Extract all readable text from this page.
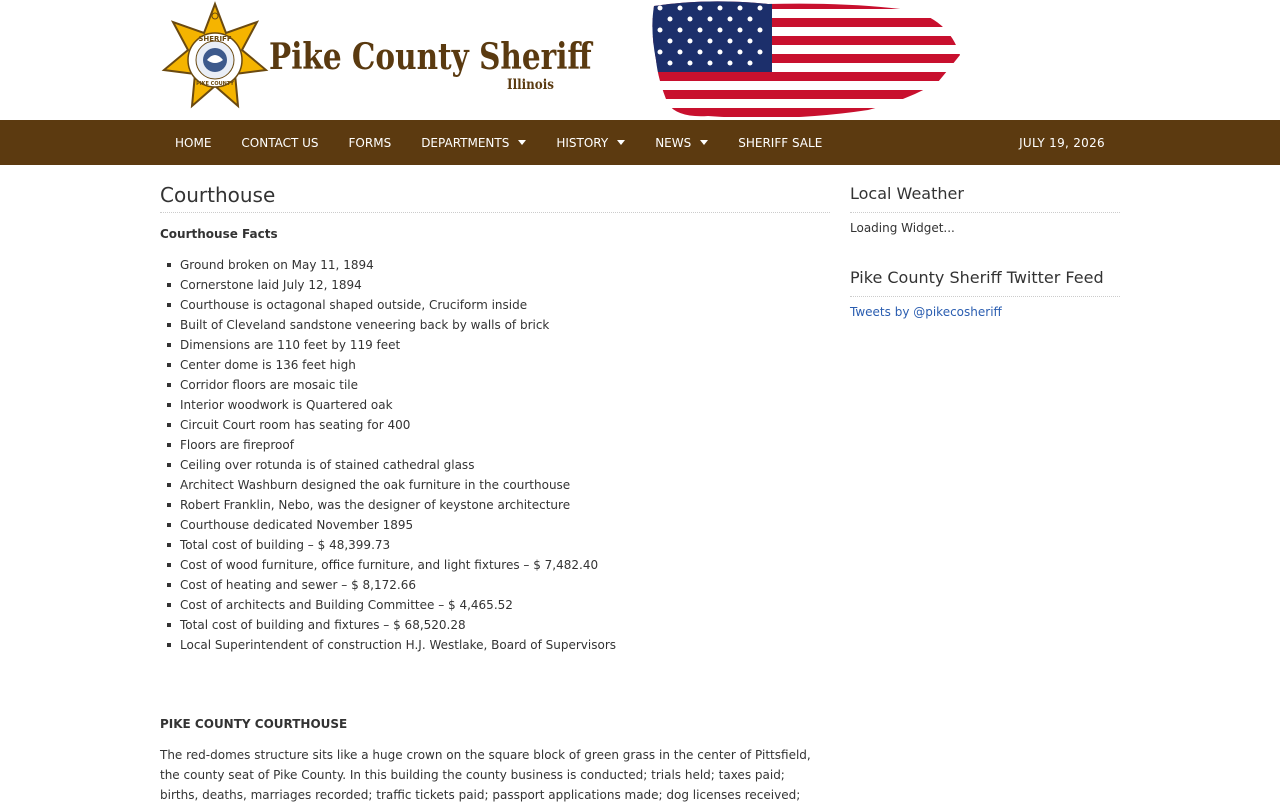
SHERIFF
PIKE COUNTY
Pike County Sheriff
Illinois
HOME	CONTACT US	FORMS	DEPARTMENTS	HISTORY	NEWS	SHERIFF SALE	JULY 19, 2026
Courthouse
Courthouse Facts
Ground broken on May 11, 1894
Cornerstone laid July 12, 1894
Courthouse is octagonal shaped outside, Cruciform inside
Built of Cleveland sandstone veneering back by walls of brick
Dimensions are 110 feet by 119 feet
Center dome is 136 feet high
Corridor floors are mosaic tile
Interior woodwork is Quartered oak
Circuit Court room has seating for 400
Floors are fireproof
Ceiling over rotunda is of stained cathedral glass
Architect Washburn designed the oak furniture in the courthouse
Robert Franklin, Nebo, was the designer of keystone architecture
Courthouse dedicated November 1895
Total cost of building – $ 48,399.73
Cost of wood furniture, office furniture, and light fixtures – $ 7,482.40
Cost of heating and sewer – $ 8,172.66
Cost of architects and Building Committee – $ 4,465.52
Total cost of building and fixtures – $ 68,520.28
Local Superintendent of construction H.J. Westlake, Board of Supervisors
PIKE COUNTY COURTHOUSE

The red-domes structure sits like a huge crown on the square block of green grass in the center of Pittsfield, the county seat of Pike County. In this building the county business is conducted; trials held; taxes paid; births, deaths, marriages recorded; traffic tickets paid; passport applications made; dog licenses received;

Local Weather
Loading Widget...
Pike County Sheriff Twitter Feed
Tweets by @pikecosheriff
